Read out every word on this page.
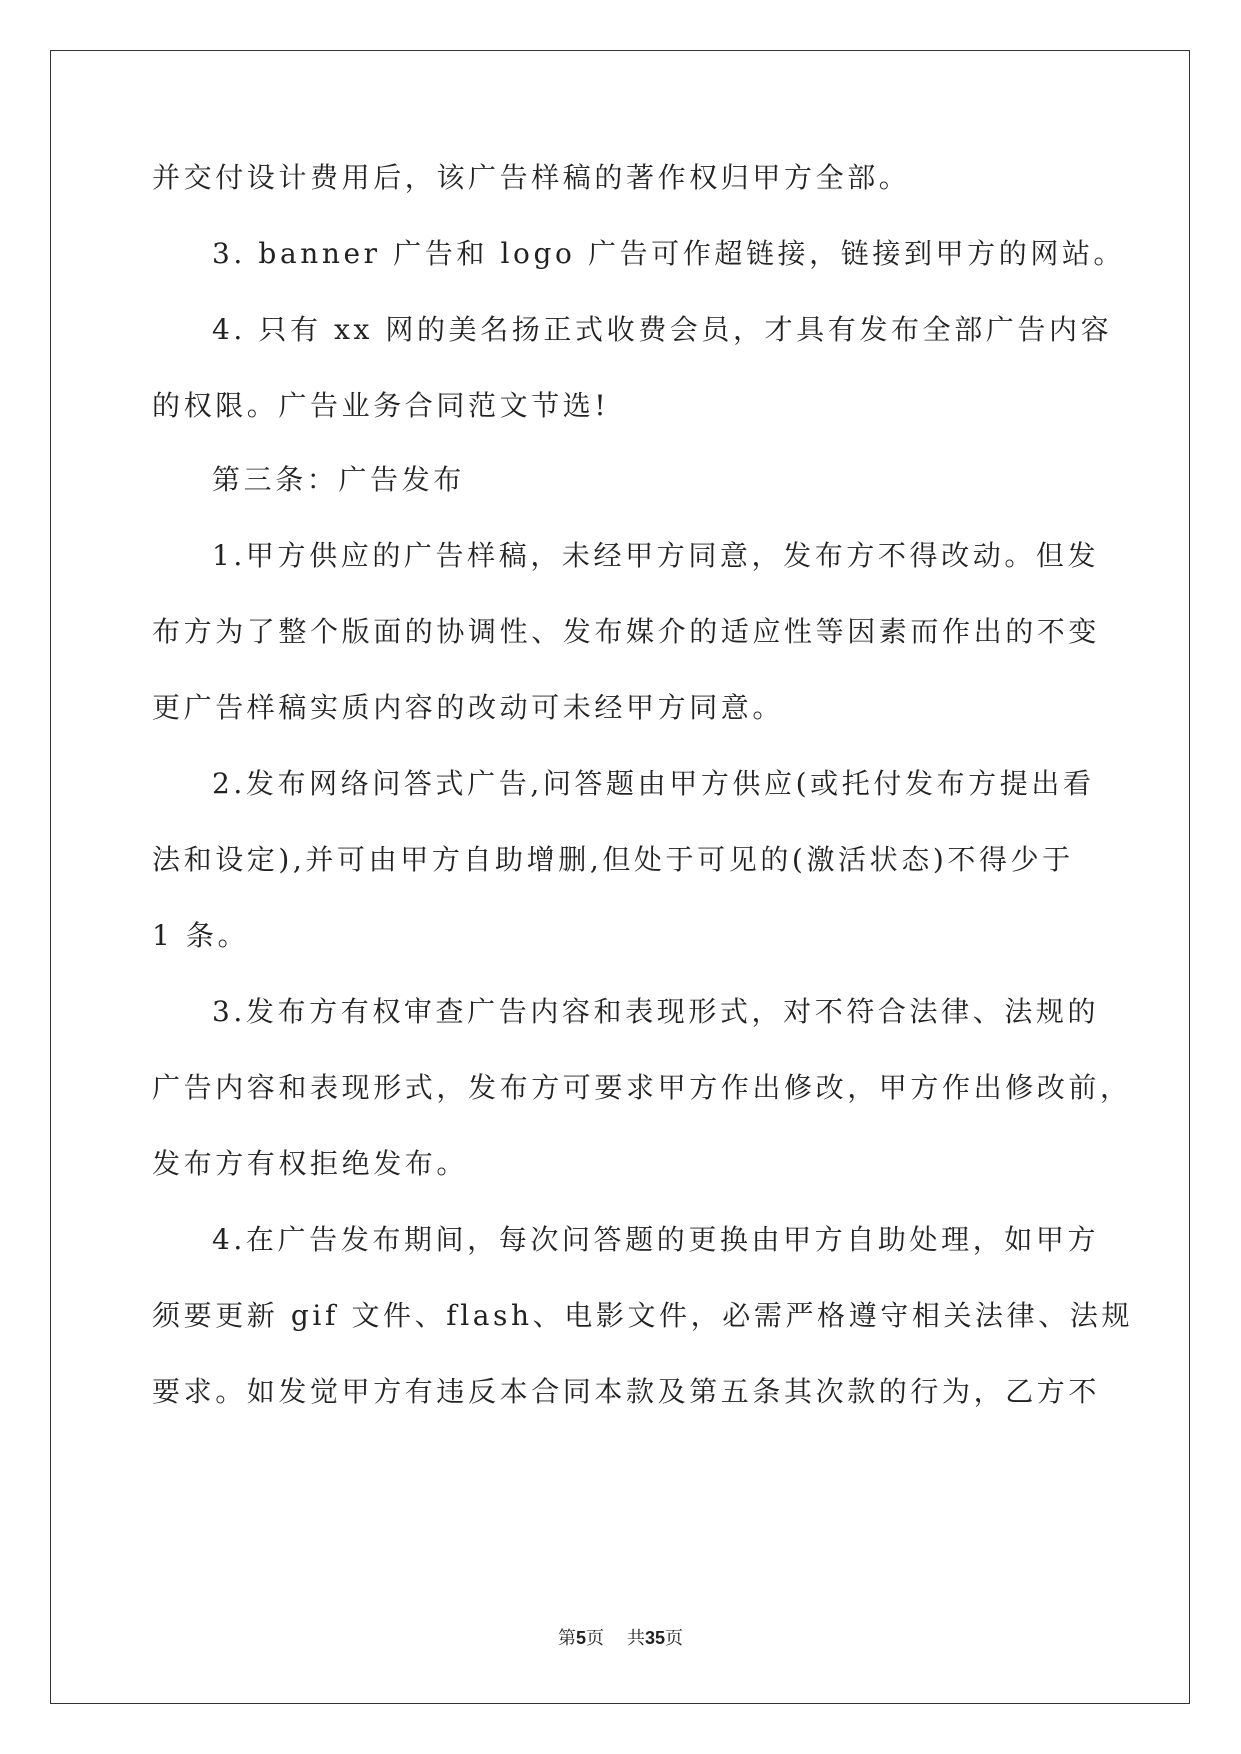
并交付设计费用后，该广告样稿的著作权归甲方全部。
3. banner 广告和 logo 广告可作超链接，链接到甲方的网站。
4. 只有 xx 网的美名扬正式收费会员，才具有发布全部广告内容
的权限。广告业务合同范文节选!
第三条：广告发布
1.甲方供应的广告样稿，未经甲方同意，发布方不得改动。但发
布方为了整个版面的协调性、发布媒介的适应性等因素而作出的不变
更广告样稿实质内容的改动可未经甲方同意。
2.发布网络问答式广告,问答题由甲方供应(或托付发布方提出看
法和设定),并可由甲方自助增删,但处于可见的(激活状态)不得少于
1 条。
3.发布方有权审查广告内容和表现形式，对不符合法律、法规的
广告内容和表现形式，发布方可要求甲方作出修改，甲方作出修改前，
发布方有权拒绝发布。
4.在广告发布期间，每次问答题的更换由甲方自助处理，如甲方
须要更新 gif 文件、flash、电影文件，必需严格遵守相关法律、法规
要求。如发觉甲方有违反本合同本款及第五条其次款的行为，乙方不
第5页 共35页
